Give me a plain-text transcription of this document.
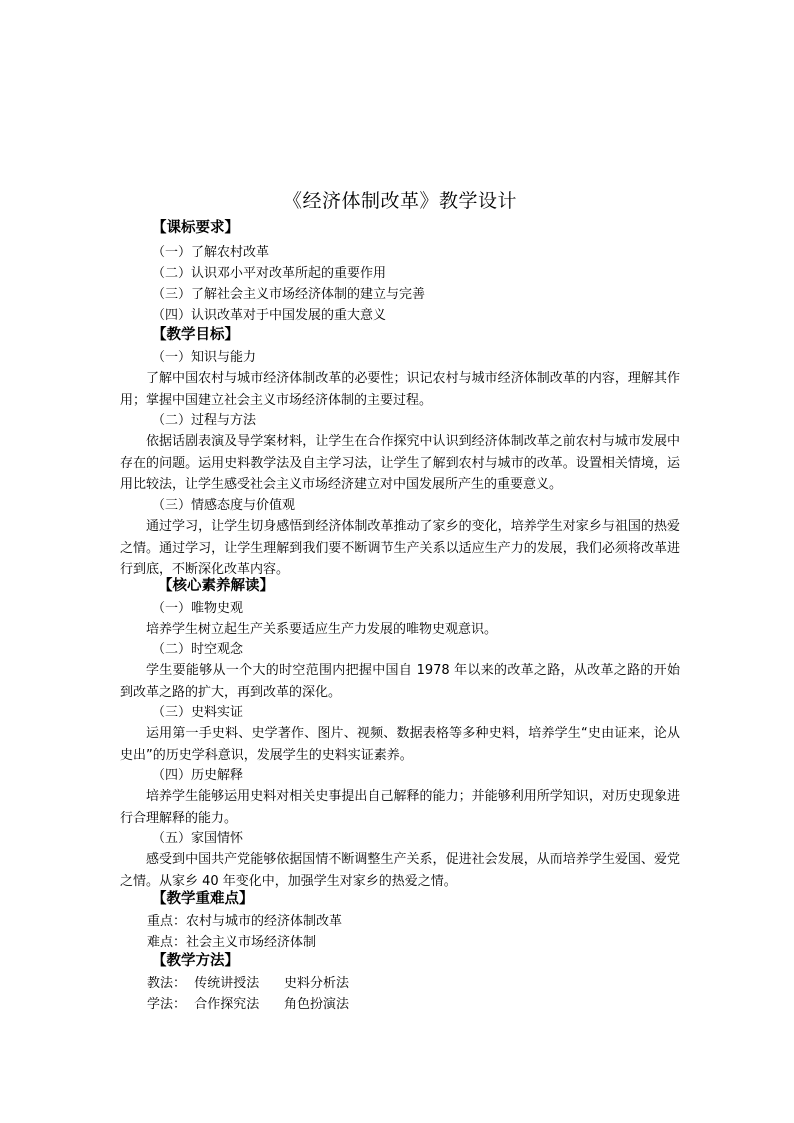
《经济体制改革》教学设计
【课标要求】
（一）了解农村改革
（二）认识邓小平对改革所起的重要作用
（三）了解社会主义市场经济体制的建立与完善
（四）认识改革对于中国发展的重大意义
【教学目标】
（一）知识与能力

了解中国农村与城市经济体制改革的必要性；识记农村与城市经济体制改革的内容，理解其作用；掌握中国建立社会主义市场经济体制的主要过程。

（二）过程与方法

依据话剧表演及导学案材料，让学生在合作探究中认识到经济体制改革之前农村与城市发展中存在的问题。运用史料教学法及自主学习法，让学生了解到农村与城市的改革。设置相关情境，运用比较法，让学生感受社会主义市场经济建立对中国发展所产生的重要意义。

（三）情感态度与价值观

通过学习，让学生切身感悟到经济体制改革推动了家乡的变化，培养学生对家乡与祖国的热爱之情。通过学习，让学生理解到我们要不断调节生产关系以适应生产力的发展，我们必须将改革进行到底，不断深化改革内容。

【核心素养解读】
（一）唯物史观

培养学生树立起生产关系要适应生产力发展的唯物史观意识。

（二）时空观念

学生要能够从一个大的时空范围内把握中国自 1978 年以来的改革之路，从改革之路的开始到改革之路的扩大，再到改革的深化。

（三）史料实证

运用第一手史料、史学著作、图片、视频、数据表格等多种史料，培养学生“史由证来，论从史出”的历史学科意识，发展学生的史料实证素养。

（四）历史解释

培养学生能够运用史料对相关史事提出自己解释的能力；并能够利用所学知识，对历史现象进行合理解释的能力。

（五）家国情怀

感受到中国共产党能够依据国情不断调整生产关系，促进社会发展，从而培养学生爱国、爱党之情。从家乡 40 年变化中，加强学生对家乡的热爱之情。

【教学重难点】
重点：农村与城市的经济体制改革
难点：社会主义市场经济体制
【教学方法】
教法：  传统讲授法      史料分析法
学法：  合作探究法      角色扮演法
